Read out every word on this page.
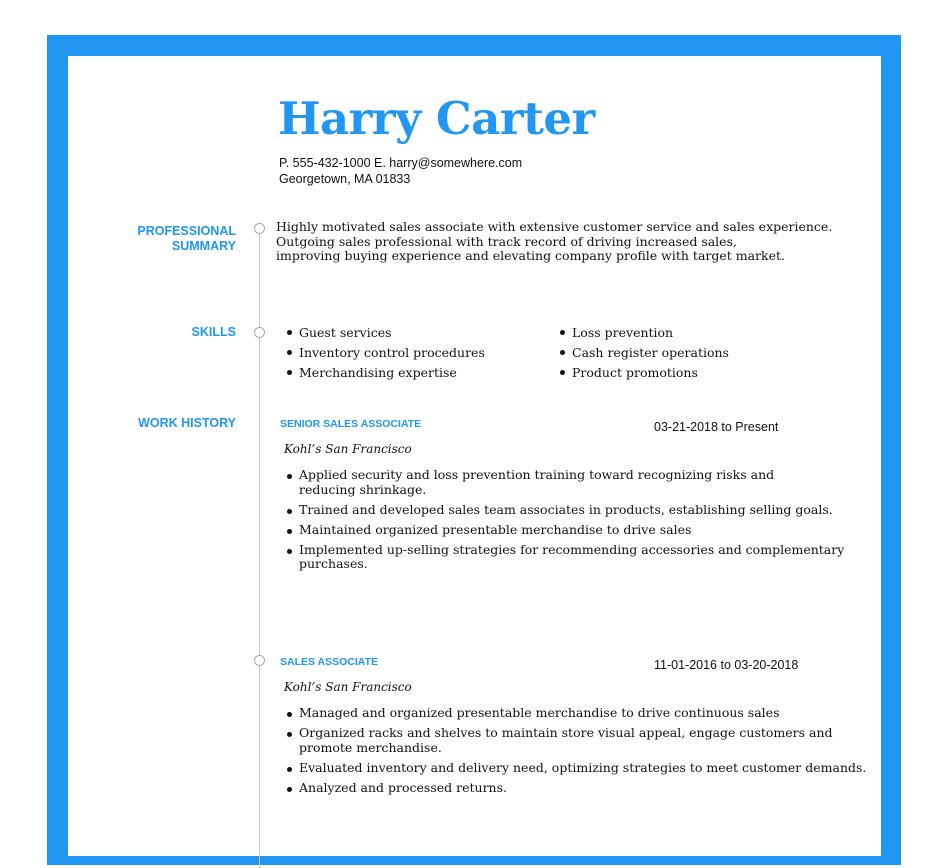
Harry Carter
P. 555-432-1000 E. harry@somewhere.com
Georgetown, MA 01833
PROFESSIONAL
SUMMARY
Highly motivated sales associate with extensive customer service and sales experience.
Outgoing sales professional with track record of driving increased sales,
improving buying experience and elevating company profile with target market.
SKILLS	Guest services
Inventory control procedures
Merchandising expertise
Loss prevention
Cash register operations
Product promotions
WORK HISTORY	SENIOR SALES ASSOCIATE	03-21-2018 to Present
Kohl’s San Francisco
Applied security and loss prevention training toward recognizing risks and
reducing shrinkage.
Trained and developed sales team associates in products, establishing selling goals.
Maintained organized presentable merchandise to drive sales
Implemented up-selling strategies for recommending accessories and complementary
purchases.
SALES ASSOCIATE	11-01-2016 to 03-20-2018
Kohl’s San Francisco
Managed and organized presentable merchandise to drive continuous sales
Organized racks and shelves to maintain store visual appeal, engage customers and
promote merchandise.
Evaluated inventory and delivery need, optimizing strategies to meet customer demands.
Analyzed and processed returns.
